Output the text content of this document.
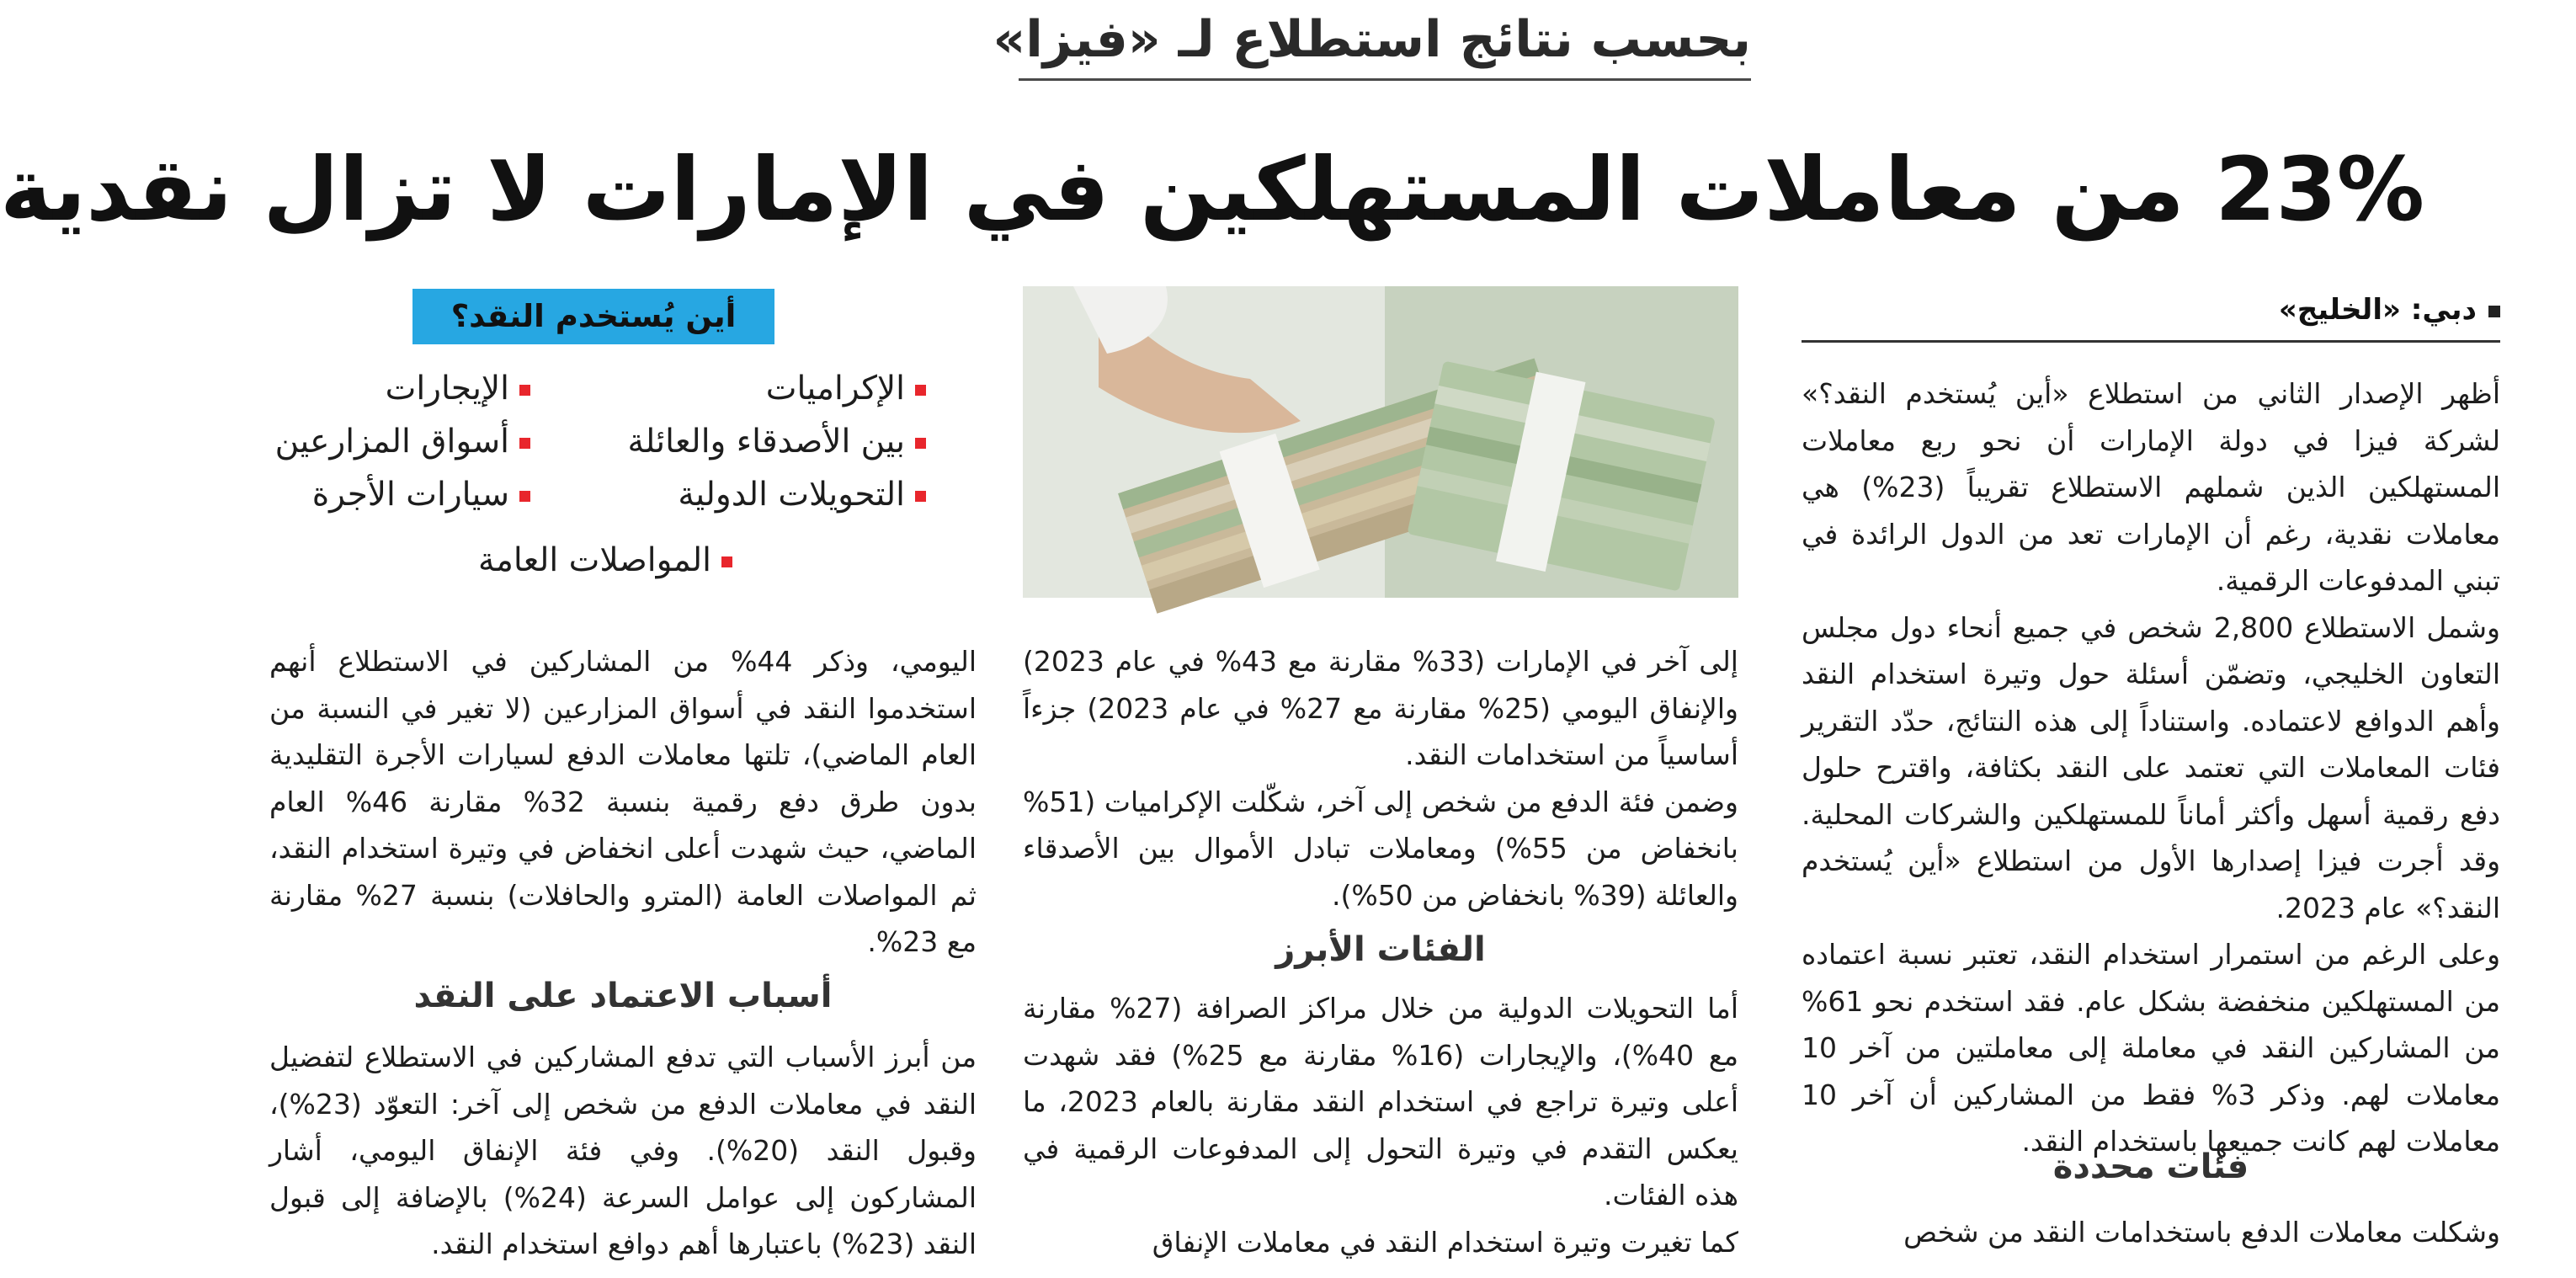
بحسب نتائج استطلاع لـ «فيزا»
23% من معاملات المستهلكين في الإمارات لا تزال نقدية
دبي: «الخليج»

أظهر الإصدار الثاني من استطلاع «أين يُستخدم النقد؟» لشركة فيزا في دولة الإمارات أن نحو ربع معاملات المستهلكين الذين شملهم الاستطلاع تقريباً (23%) هي معاملات نقدية، رغم أن الإمارات تعد من الدول الرائدة في تبني المدفوعات الرقمية.

وشمل الاستطلاع 2,800 شخص في جميع أنحاء دول مجلس التعاون الخليجي، وتضمّن أسئلة حول وتيرة استخدام النقد وأهم الدوافع لاعتماده. واستناداً إلى هذه النتائج، حدّد التقرير فئات المعاملات التي تعتمد على النقد بكثافة، واقترح حلول دفع رقمية أسهل وأكثر أماناً للمستهلكين والشركات المحلية. وقد أجرت فيزا إصدارها الأول من استطلاع «أين يُستخدم النقد؟» عام 2023.

وعلى الرغم من استمرار استخدام النقد، تعتبر نسبة اعتماده من المستهلكين منخفضة بشكل عام. فقد استخدم نحو 61% من المشاركين النقد في معاملة إلى معاملتين من آخر 10 معاملات لهم. وذكر 3% فقط من المشاركين أن آخر 10 معاملات لهم كانت جميعها باستخدام النقد.

فئات محددة

وشكلت معاملات الدفع باستخدامات النقد من شخص

إلى آخر في الإمارات (33% مقارنة مع 43% في عام 2023) والإنفاق اليومي (25% مقارنة مع 27% في عام 2023) جزءاً أساسياً من استخدامات النقد.

وضمن فئة الدفع من شخص إلى آخر، شكّلت الإكراميات (51% بانخفاض من 55%) ومعاملات تبادل الأموال بين الأصدقاء والعائلة (39% بانخفاض من 50%).

الفئات الأبرز

أما التحويلات الدولية من خلال مراكز الصرافة (27% مقارنة مع 40%)، والإيجارات (16% مقارنة مع 25%) فقد شهدت أعلى وتيرة تراجع في استخدام النقد مقارنة بالعام 2023، ما يعكس التقدم في وتيرة التحول إلى المدفوعات الرقمية في هذه الفئات.

كما تغيرت وتيرة استخدام النقد في معاملات الإنفاق

أين يُستخدم النقد؟
الإكراميات
الإيجارات
بين الأصدقاء والعائلة
أسواق المزارعين
التحويلات الدولية
سيارات الأجرة
المواصلات العامة

اليومي، وذكر 44% من المشاركين في الاستطلاع أنهم استخدموا النقد في أسواق المزارعين (لا تغير في النسبة من العام الماضي)، تلتها معاملات الدفع لسيارات الأجرة التقليدية بدون طرق دفع رقمية بنسبة 32% مقارنة 46% العام الماضي، حيث شهدت أعلى انخفاض في وتيرة استخدام النقد، ثم المواصلات العامة (المترو والحافلات) بنسبة 27% مقارنة مع 23%.

أسباب الاعتماد على النقد

من أبرز الأسباب التي تدفع المشاركين في الاستطلاع لتفضيل النقد في معاملات الدفع من شخص إلى آخر: التعوّد (23%)، وقبول النقد (20%). وفي فئة الإنفاق اليومي، أشار المشاركون إلى عوامل السرعة (24%) بالإضافة إلى قبول النقد (23%) باعتبارها أهم دوافع استخدام النقد.
